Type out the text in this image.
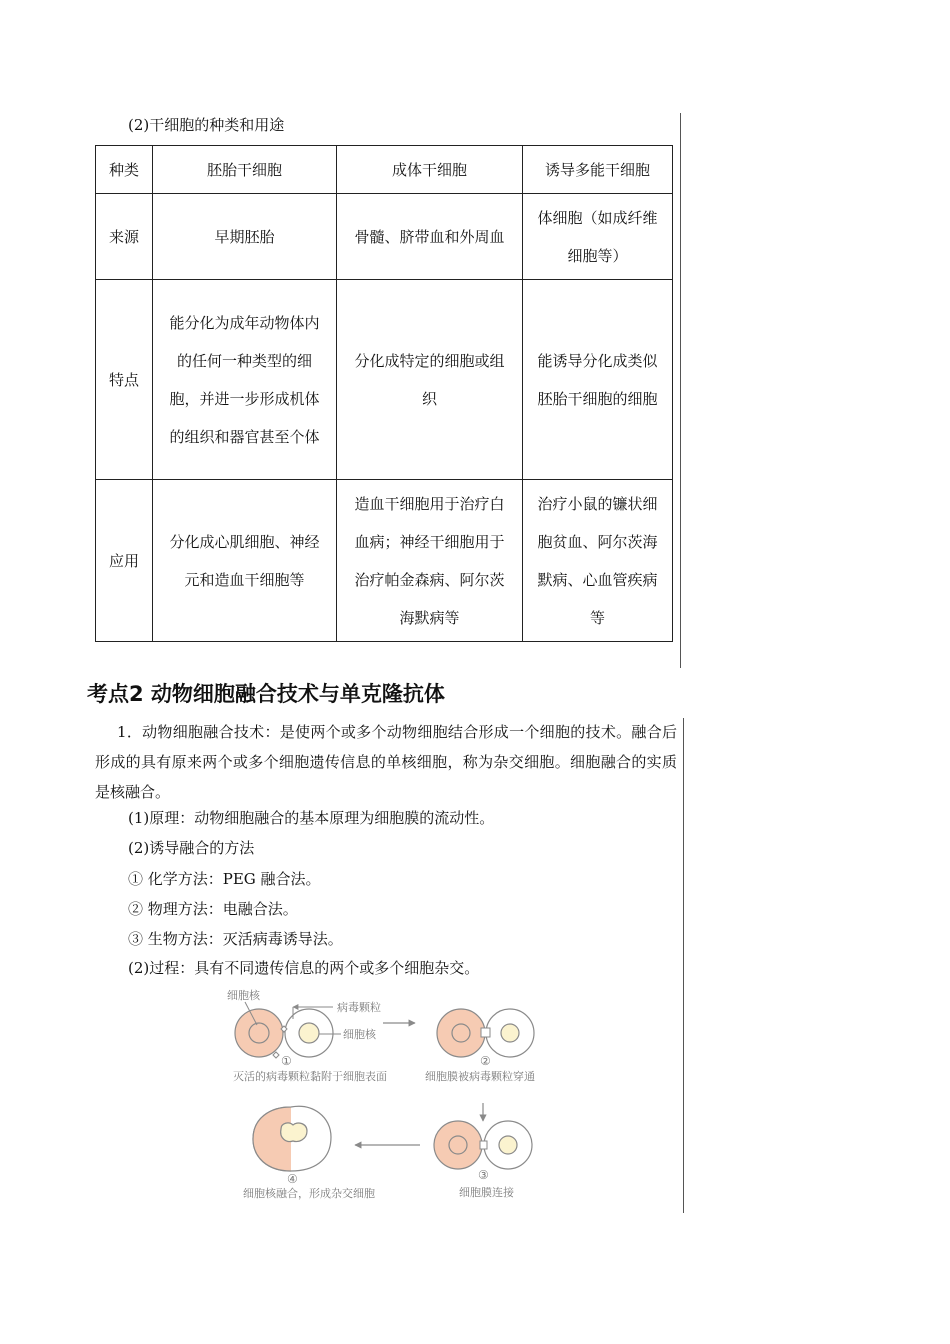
(2)干细胞的种类和用途
种类	胚胎干细胞	成体干细胞	诱导多能干细胞
来源	早期胚胎	骨髓、脐带血和外周血	体细胞（如成纤维细胞等）
特点	能分化为成年动物体内的任何一种类型的细胞，并进一步形成机体的组织和器官甚至个体	分化成特定的细胞或组织	能诱导分化成类似胚胎干细胞的细胞
应用	分化成心肌细胞、神经元和造血干细胞等	造血干细胞用于治疗白血病；神经干细胞用于治疗帕金森病、阿尔茨海默病等	治疗小鼠的镰状细胞贫血、阿尔茨海默病、心血管疾病等
考点2 动物细胞融合技术与单克隆抗体
1．动物细胞融合技术：是使两个或多个动物细胞结合形成一个细胞的技术。融合后形成的具有原来两个或多个细胞遗传信息的单核细胞，称为杂交细胞。细胞融合的实质是核融合。
(1)原理：动物细胞融合的基本原理为细胞膜的流动性。
(2)诱导融合的方法
① 化学方法：PEG 融合法。
② 物理方法：电融合法。
③ 生物方法：灭活病毒诱导法。
(2)过程：具有不同遗传信息的两个或多个细胞杂交。
细胞核
病毒颗粒
细胞核
①
灭活的病毒颗粒黏附于细胞表面
②
细胞膜被病毒颗粒穿通
③
细胞膜连接
④
细胞核融合，形成杂交细胞
